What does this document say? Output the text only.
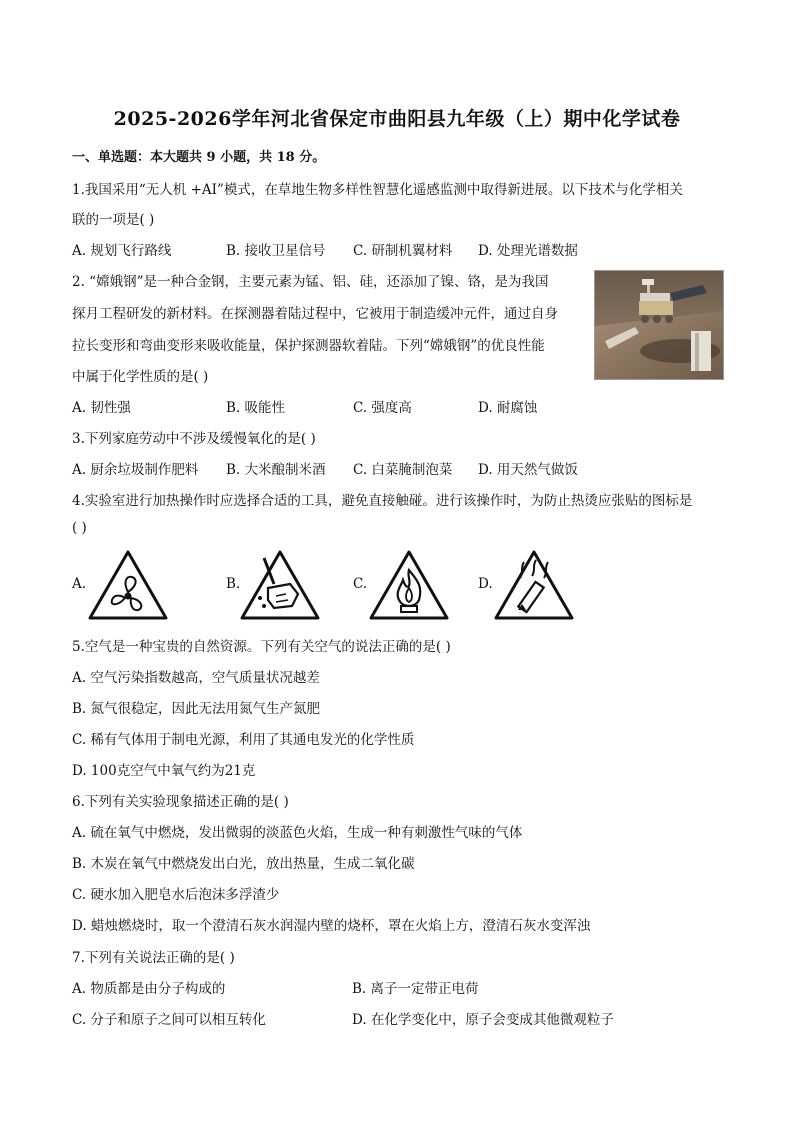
2025-2026学年河北省保定市曲阳县九年级（上）期中化学试卷
一、单选题：本大题共 9 小题，共 18 分。
1.我国采用“无人机 +AI”模式，在草地生物多样性智慧化遥感监测中取得新进展。以下技术与化学相关
联的一项是( )
A. 规划飞行路线	B. 接收卫星信号 C. 研制机翼材料 D. 处理光谱数据
2. “嫦娥钢”是一种合金钢，主要元素为锰、铝、硅，还添加了镍、铬，是为我国
探月工程研发的新材料。在探测器着陆过程中，它被用于制造缓冲元件，通过自身
拉长变形和弯曲变形来吸收能量，保护探测器软着陆。下列“嫦娥钢”的优良性能
中属于化学性质的是( )
A. 韧性强	B. 吸能性	C. 强度高	D. 耐腐蚀
3.下列家庭劳动中不涉及缓慢氧化的是( )
A. 厨余垃圾制作肥料 B. 大米酿制米酒 C. 白菜腌制泡菜 D. 用天然气做饭
4.实验室进行加热操作时应选择合适的工具，避免直接触碰。进行该操作时，为防止热烫应张贴的图标是
( )
A.	B.	C.	D.
5.空气是一种宝贵的自然资源。下列有关空气的说法正确的是( )
A. 空气污染指数越高，空气质量状况越差
B. 氮气很稳定，因此无法用氮气生产氮肥
C. 稀有气体用于制电光源，利用了其通电发光的化学性质
D. 100克空气中氧气约为21克
6.下列有关实验现象描述正确的是( )
A. 硫在氧气中燃烧，发出微弱的淡蓝色火焰，生成一种有刺激性气味的气体
B. 木炭在氧气中燃烧发出白光，放出热量，生成二氧化碳
C. 硬水加入肥皂水后泡沫多浮渣少
D. 蜡烛燃烧时，取一个澄清石灰水润湿内壁的烧杯，罩在火焰上方，澄清石灰水变浑浊
7.下列有关说法正确的是( )
A. 物质都是由分子构成的	B. 离子一定带正电荷
C. 分子和原子之间可以相互转化	D. 在化学变化中，原子会变成其他微观粒子
